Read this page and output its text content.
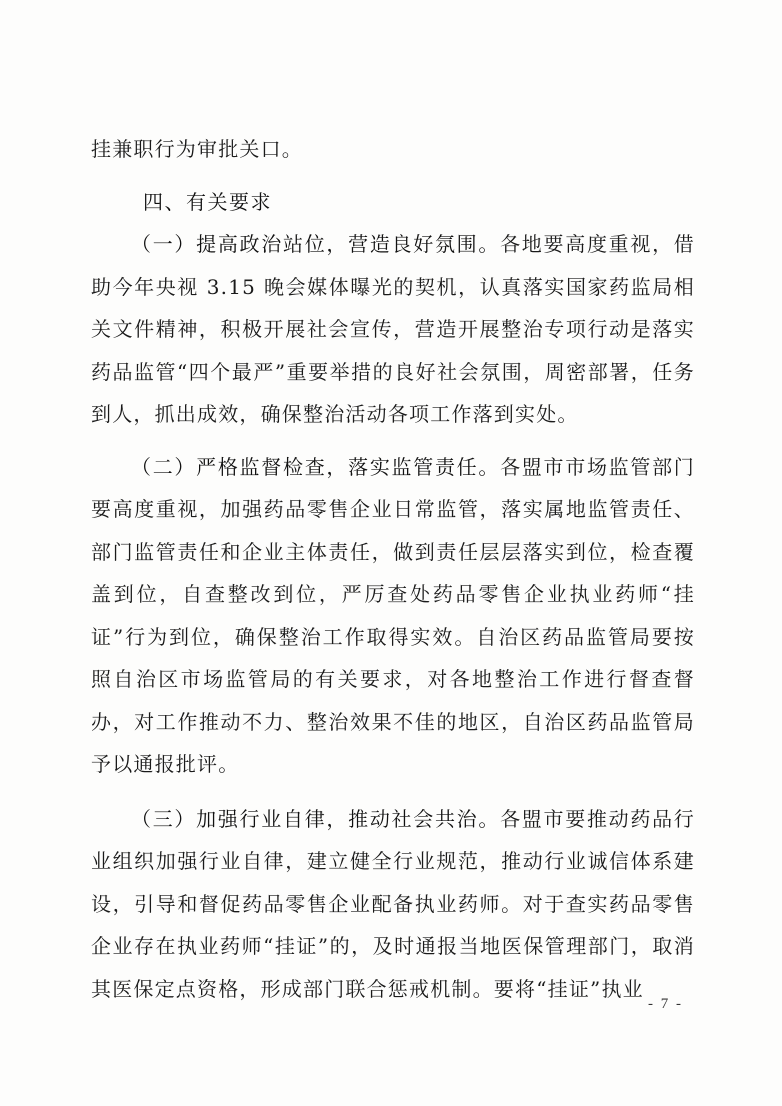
挂兼职行为审批关口。

四、有关要求

（一）提高政治站位，营造良好氛围。各地要高度重视，借助今年央视 3.15 晚会媒体曝光的契机，认真落实国家药监局相关文件精神，积极开展社会宣传，营造开展整治专项行动是落实药品监管“四个最严”重要举措的良好社会氛围，周密部署，任务到人，抓出成效，确保整治活动各项工作落到实处。

（二）严格监督检查，落实监管责任。各盟市市场监管部门要高度重视，加强药品零售企业日常监管，落实属地监管责任、部门监管责任和企业主体责任，做到责任层层落实到位，检查覆盖到位，自查整改到位，严厉查处药品零售企业执业药师“挂证”行为到位，确保整治工作取得实效。自治区药品监管局要按照自治区市场监管局的有关要求，对各地整治工作进行督查督办，对工作推动不力、整治效果不佳的地区，自治区药品监管局予以通报批评。

（三）加强行业自律，推动社会共治。各盟市要推动药品行业组织加强行业自律，建立健全行业规范，推动行业诚信体系建设，引导和督促药品零售企业配备执业药师。对于查实药品零售企业存在执业药师“挂证”的，及时通报当地医保管理部门，取消其医保定点资格，形成部门联合惩戒机制。要将“挂证”执业

- 7 -
